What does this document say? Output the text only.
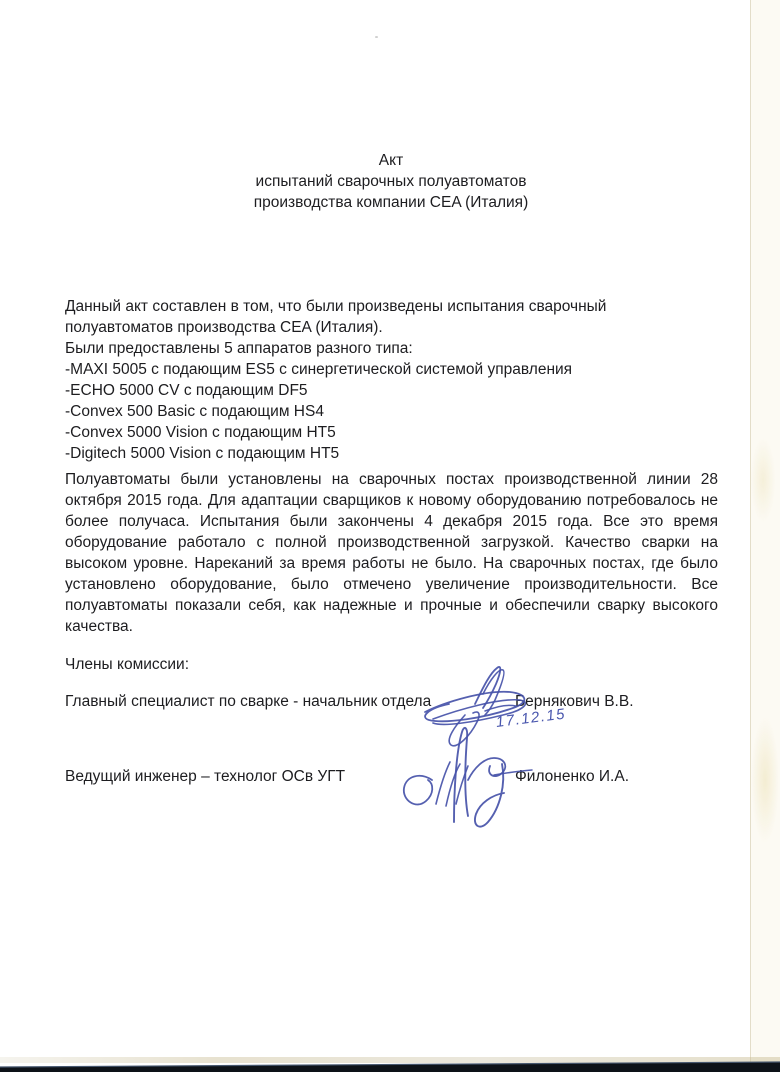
Акт
испытаний сварочных полуавтоматов
производства компании CEA (Италия)
Данный акт составлен в том, что были произведены испытания сварочный
полуавтоматов производства CEA (Италия).
Были предоставлены 5 аппаратов разного типа:
-MAXI 5005 с подающим ES5 с синергетической системой управления
-ECHO 5000 CV с подающим DF5
-Convex 500 Basic с подающим HS4
-Convex 5000 Vision с подающим HT5
-Digitech 5000 Vision с подающим HT5
Полуавтоматы были установлены на сварочных постах производственной линии 28
октября 2015 года. Для адаптации сварщиков к новому оборудованию потребовалось не
более получаса. Испытания были закончены 4 декабря 2015 года. Все это время
оборудование работало с полной производственной загрузкой. Качество сварки на
высоком уровне. Нареканий за время работы не было. На сварочных постах, где было
установлено оборудование, было отмечено увеличение производительности. Все
полуавтоматы показали себя, как надежные и прочные и обеспечили сварку высокого
качества.
Члены комиссии:
Главный специалист по сварке - начальник отдела	Бернякович В.В.
Ведущий инженер – технолог ОСв УГТ	Филоненко И.А.
17.12.15
